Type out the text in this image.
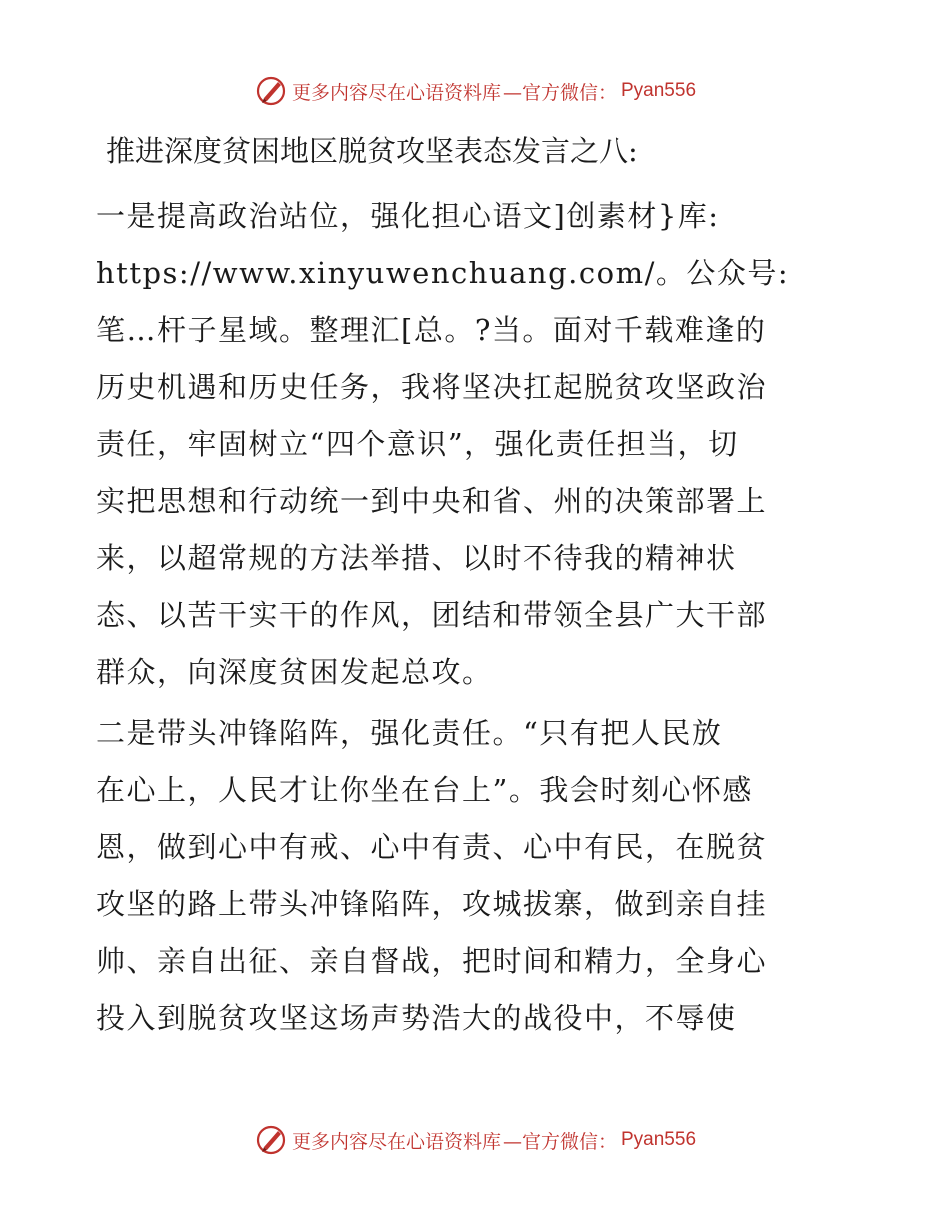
更多内容尽在心语资料库 —官方微信： Pyan556
推进深度贫困地区脱贫攻坚表态发言之八:
一是提高政治站位，强化担心语文]创素材}库:
https://www.xinyuwenchuang.com/。公众号:
笔…杆子星域。整理汇[总。?当。面对千载难逢的
历史机遇和历史任务，我将坚决扛起脱贫攻坚政治
责任，牢固树立“四个意识”，强化责任担当，切
实把思想和行动统一到中央和省、州的决策部署上
来，以超常规的方法举措、以时不待我的精神状
态、以苦干实干的作风，团结和带领全县广大干部
群众，向深度贫困发起总攻。
二是带头冲锋陷阵，强化责任。“只有把人民放
在心上，人民才让你坐在台上”。我会时刻心怀感
恩，做到心中有戒、心中有责、心中有民，在脱贫
攻坚的路上带头冲锋陷阵，攻城拔寨，做到亲自挂
帅、亲自出征、亲自督战，把时间和精力，全身心
投入到脱贫攻坚这场声势浩大的战役中，不辱使
更多内容尽在心语资料库 —官方微信： Pyan556
